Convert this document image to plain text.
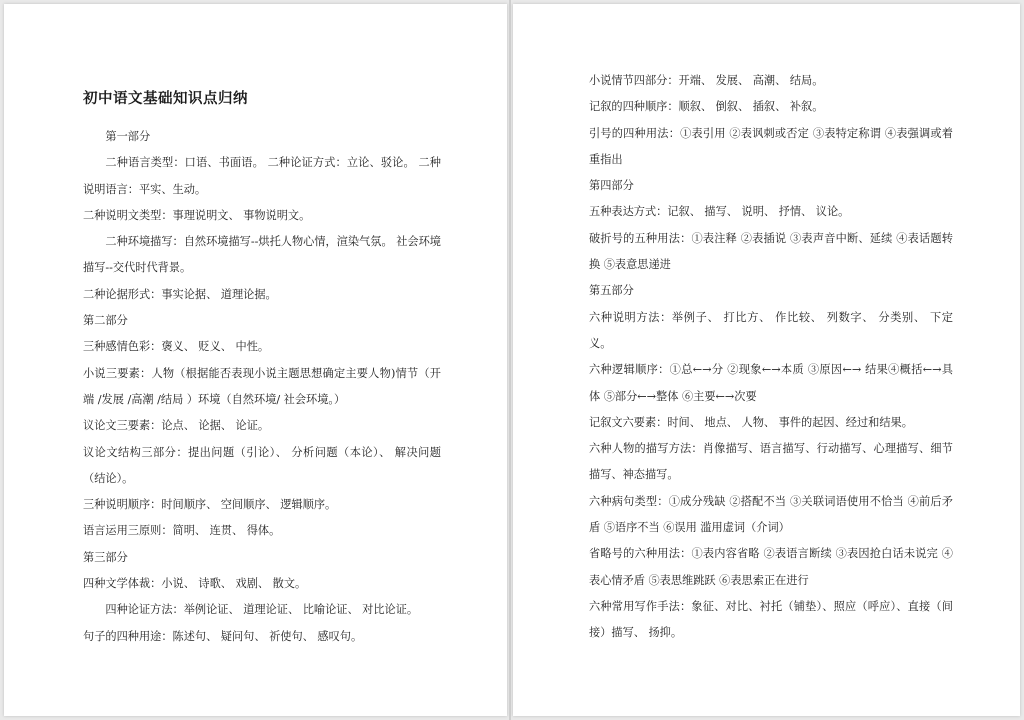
初中语文基础知识点归纳

第一部分

二种语言类型：口语、书面语。 二种论证方式：立论、驳论。 二种说明语言：平实、生动。

二种说明文类型：事理说明文、 事物说明文。

二种环境描写：自然环境描写--烘托人物心情，渲染气氛。 社会环境描写--交代时代背景。

二种论据形式：事实论据、 道理论据。

第二部分

三种感情色彩：褒义、 贬义、 中性。

小说三要素：人物（根据能否表现小说主题思想确定主要人物)情节（开端 /发展 /高潮 /结局 ）环境（自然环境/ 社会环境。）

议论文三要素：论点、 论据、 论证。

议论文结构三部分：提出问题（引论）、 分析问题（本论）、 解决问题（结论）。

三种说明顺序：时间顺序、 空间顺序、 逻辑顺序。

语言运用三原则：简明、 连贯、 得体。

第三部分

四种文学体裁：小说、 诗歌、 戏剧、 散文。

四种论证方法：举例论证、 道理论证、 比喻论证、 对比论证。

句子的四种用途：陈述句、 疑问句、 祈使句、 感叹句。

小说情节四部分：开端、 发展、 高潮、 结局。

记叙的四种顺序：顺叙、 倒叙、 插叙、 补叙。

引号的四种用法：①表引用 ②表讽刺或否定 ③表特定称谓 ④表强调或着重指出

第四部分

五种表达方式：记叙、 描写、 说明、 抒情、 议论。

破折号的五种用法：①表注释 ②表插说 ③表声音中断、延续 ④表话题转换 ⑤表意思递进

第五部分

六种说明方法：举例子、 打比方、 作比较、 列数字、 分类别、 下定义。

六种逻辑顺序：①总←→分 ②现象←→本质 ③原因←→ 结果④概括←→具体 ⑤部分←→整体 ⑥主要←→次要

记叙文六要素：时间、 地点、 人物、 事件的起因、经过和结果。

六种人物的描写方法：肖像描写、语言描写、行动描写、心理描写、细节描写、神态描写。

六种病句类型：①成分残缺 ②搭配不当 ③关联词语使用不恰当 ④前后矛盾 ⑤语序不当 ⑥误用 滥用虚词（介词）

省略号的六种用法：①表内容省略 ②表语言断续 ③表因抢白话未说完 ④表心情矛盾 ⑤表思维跳跃 ⑥表思索正在进行

六种常用写作手法：象征、对比、衬托（铺垫）、照应（呼应）、直接（间接）描写、 扬抑。
